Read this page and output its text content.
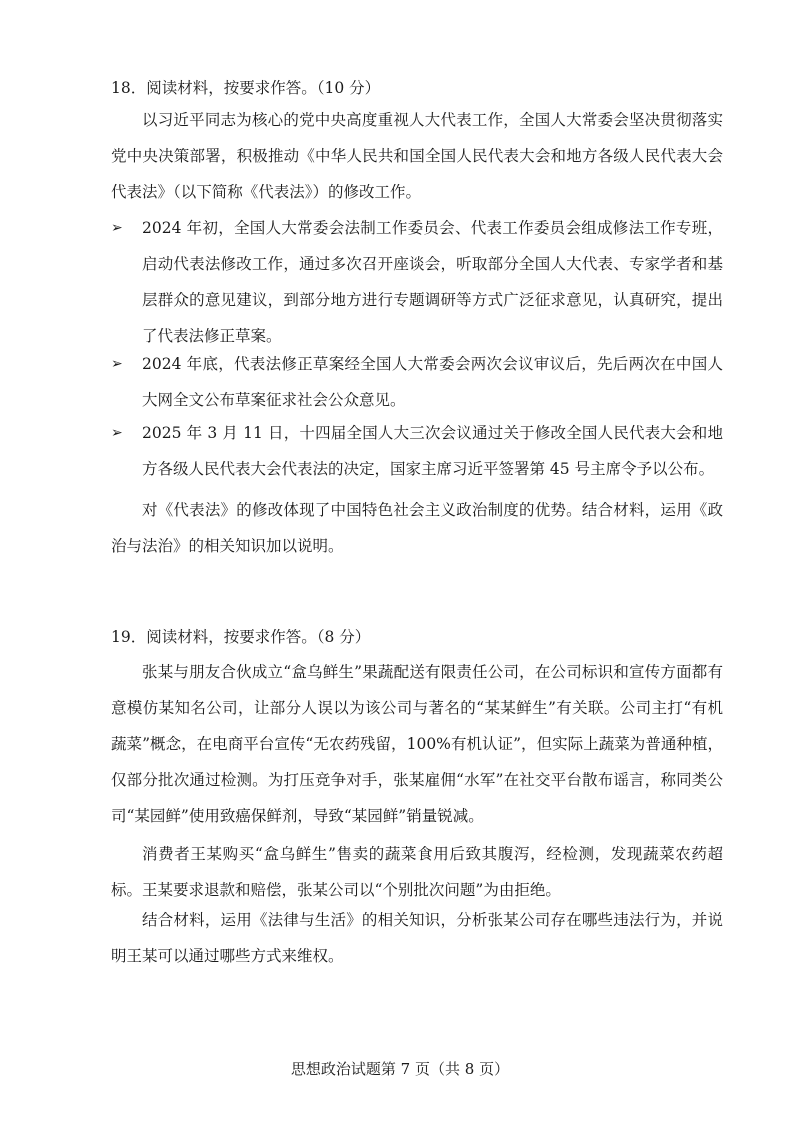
18．阅读材料，按要求作答。（10 分）

以习近平同志为核心的党中央高度重视人大代表工作，全国人大常委会坚决贯彻落实党中央决策部署，积极推动《中华人民共和国全国人民代表大会和地方各级人民代表大会代表法》（以下简称《代表法》）的修改工作。

➢	2024 年初，全国人大常委会法制工作委员会、代表工作委员会组成修法工作专班，启动代表法修改工作，通过多次召开座谈会，听取部分全国人大代表、专家学者和基层群众的意见建议，到部分地方进行专题调研等方式广泛征求意见，认真研究，提出了代表法修正草案。
➢	2024 年底，代表法修正草案经全国人大常委会两次会议审议后，先后两次在中国人大网全文公布草案征求社会公众意见。
➢	2025 年 3 月 11 日，十四届全国人大三次会议通过关于修改全国人民代表大会和地方各级人民代表大会代表法的决定，国家主席习近平签署第 45 号主席令予以公布。

对《代表法》的修改体现了中国特色社会主义政治制度的优势。结合材料，运用《政治与法治》的相关知识加以说明。

19．阅读材料，按要求作答。（8 分）

张某与朋友合伙成立“盒乌鲜生”果蔬配送有限责任公司，在公司标识和宣传方面都有意模仿某知名公司，让部分人误以为该公司与著名的“某某鲜生”有关联。公司主打“有机蔬菜”概念，在电商平台宣传“无农药残留，100%有机认证”，但实际上蔬菜为普通种植，仅部分批次通过检测。为打压竞争对手，张某雇佣“水军”在社交平台散布谣言，称同类公司“某园鲜”使用致癌保鲜剂，导致“某园鲜”销量锐减。

消费者王某购买“盒乌鲜生”售卖的蔬菜食用后致其腹泻，经检测，发现蔬菜农药超标。王某要求退款和赔偿，张某公司以“个别批次问题”为由拒绝。

结合材料，运用《法律与生活》的相关知识，分析张某公司存在哪些违法行为，并说明王某可以通过哪些方式来维权。

思想政治试题第 7 页（共 8 页）
